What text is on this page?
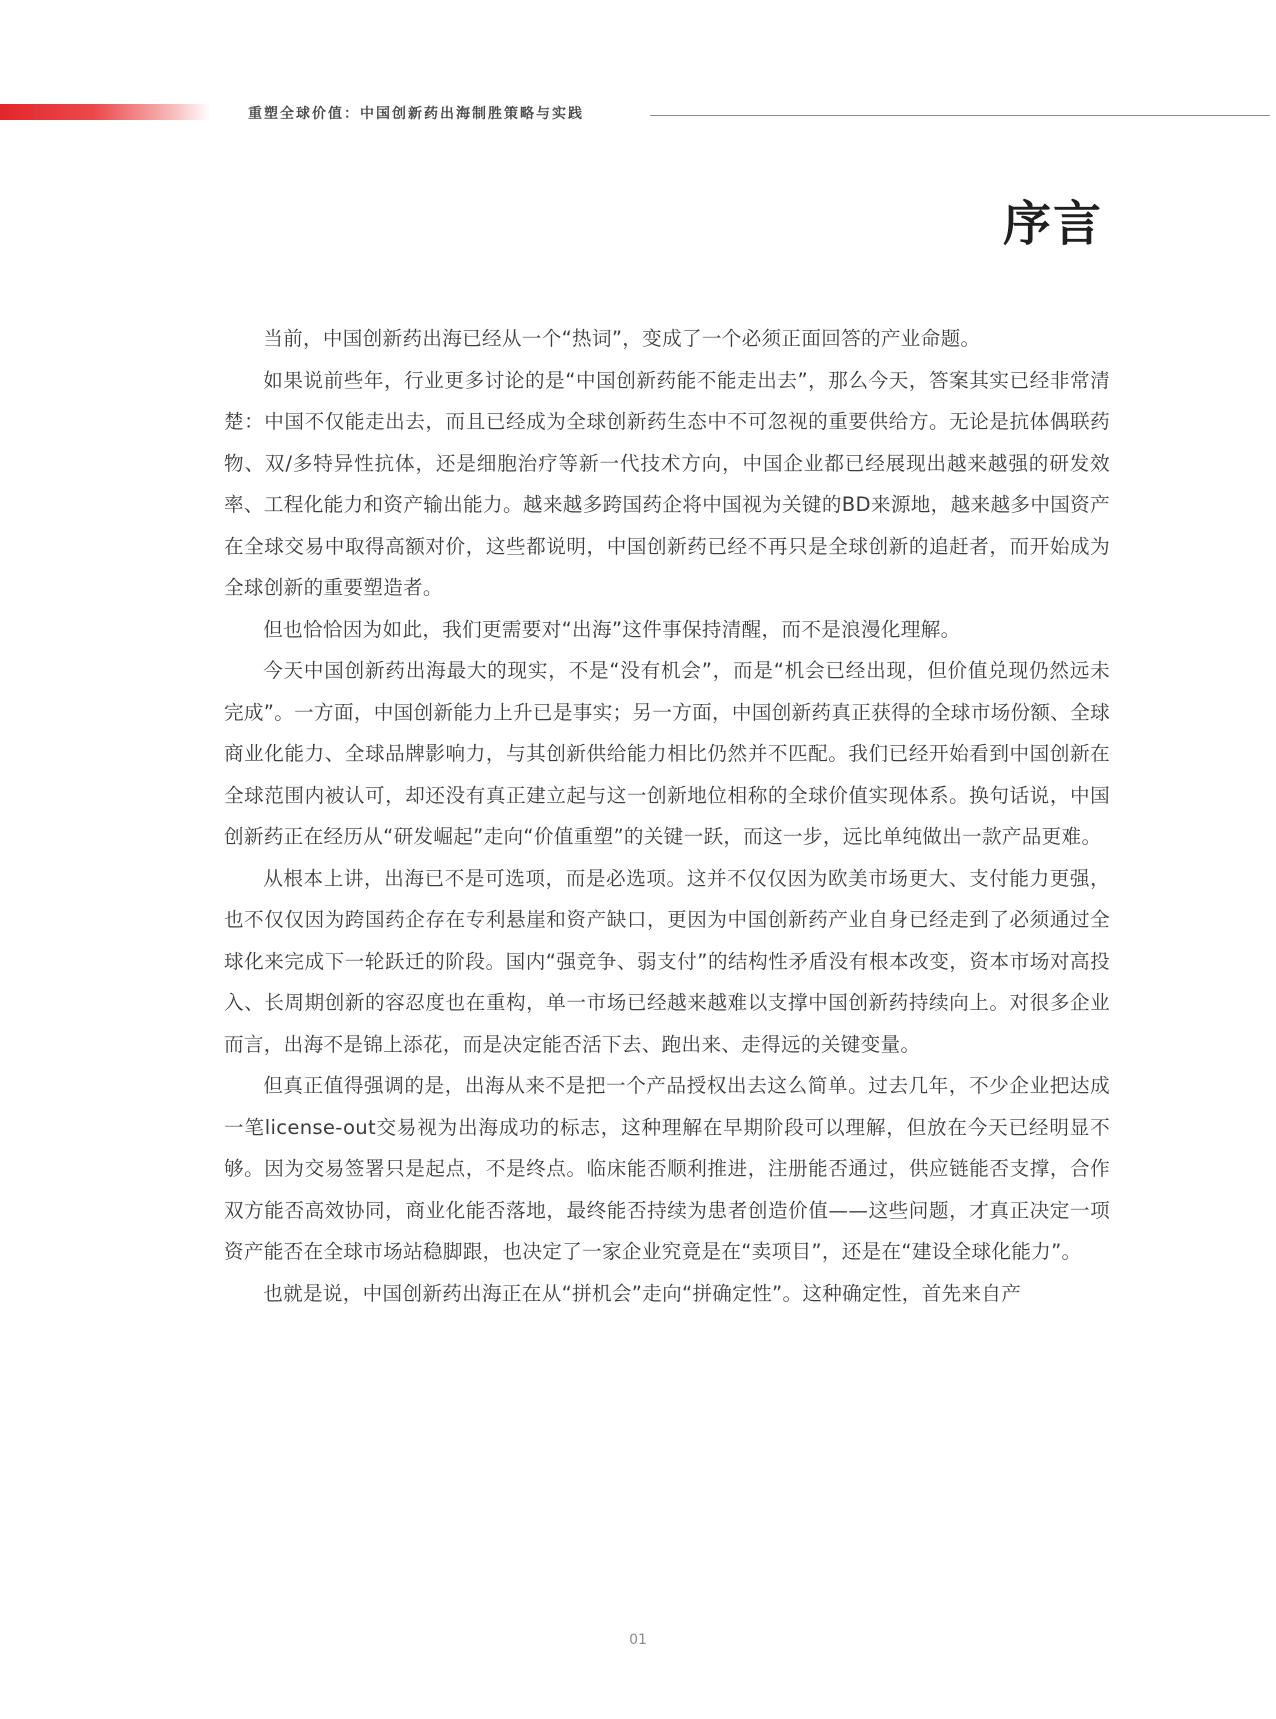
重塑全球价值：中国创新药出海制胜策略与实践
序言

当前，中国创新药出海已经从一个“热词”，变成了一个必须正面回答的产业命题。

如果说前些年，行业更多讨论的是“中国创新药能不能走出去”，那么今天，答案其实已经非常清楚：中国不仅能走出去，而且已经成为全球创新药生态中不可忽视的重要供给方。无论是抗体偶联药物、双/多特异性抗体，还是细胞治疗等新一代技术方向，中国企业都已经展现出越来越强的研发效率、工程化能力和资产输出能力。越来越多跨国药企将中国视为关键的BD来源地，越来越多中国资产在全球交易中取得高额对价，这些都说明，中国创新药已经不再只是全球创新的追赶者，而开始成为全球创新的重要塑造者。

但也恰恰因为如此，我们更需要对“出海”这件事保持清醒，而不是浪漫化理解。

今天中国创新药出海最大的现实，不是“没有机会”，而是“机会已经出现，但价值兑现仍然远未完成”。一方面，中国创新能力上升已是事实；另一方面，中国创新药真正获得的全球市场份额、全球商业化能力、全球品牌影响力，与其创新供给能力相比仍然并不匹配。我们已经开始看到中国创新在全球范围内被认可，却还没有真正建立起与这一创新地位相称的全球价值实现体系。换句话说，中国创新药正在经历从“研发崛起”走向“价值重塑”的关键一跃，而这一步，远比单纯做出一款产品更难。

从根本上讲，出海已不是可选项，而是必选项。这并不仅仅因为欧美市场更大、支付能力更强，也不仅仅因为跨国药企存在专利悬崖和资产缺口，更因为中国创新药产业自身已经走到了必须通过全球化来完成下一轮跃迁的阶段。国内“强竞争、弱支付”的结构性矛盾没有根本改变，资本市场对高投入、长周期创新的容忍度也在重构，单一市场已经越来越难以支撑中国创新药持续向上。对很多企业而言，出海不是锦上添花，而是决定能否活下去、跑出来、走得远的关键变量。

但真正值得强调的是，出海从来不是把一个产品授权出去这么简单。过去几年，不少企业把达成一笔license-out交易视为出海成功的标志，这种理解在早期阶段可以理解，但放在今天已经明显不够。因为交易签署只是起点，不是终点。临床能否顺利推进，注册能否通过，供应链能否支撑，合作双方能否高效协同，商业化能否落地，最终能否持续为患者创造价值——这些问题，才真正决定一项资产能否在全球市场站稳脚跟，也决定了一家企业究竟是在“卖项目”，还是在“建设全球化能力”。

也就是说，中国创新药出海正在从“拼机会”走向“拼确定性”。这种确定性，首先来自产

01
